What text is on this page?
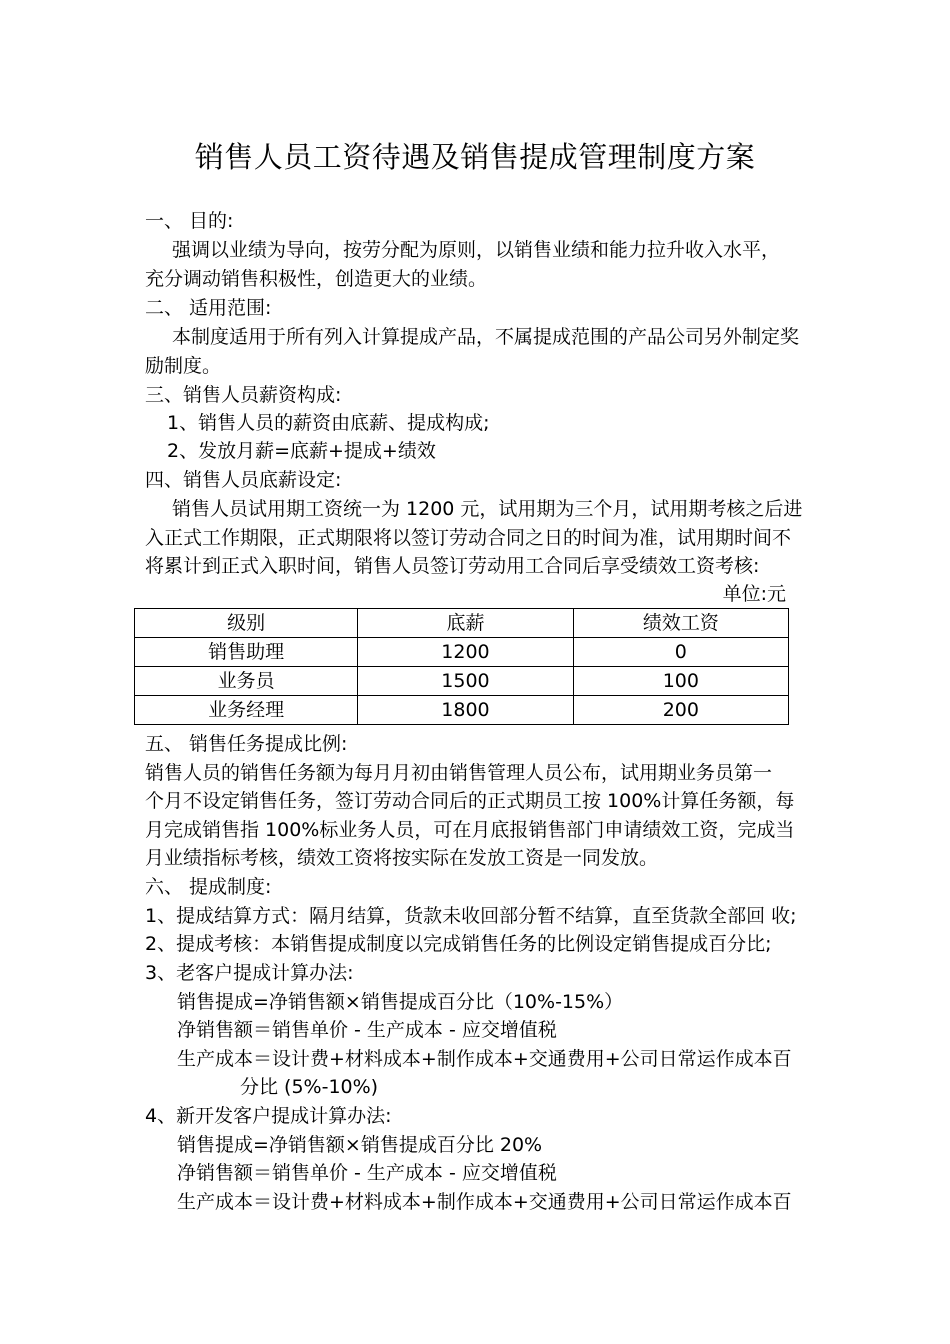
销售人员工资待遇及销售提成管理制度方案
一、 目的:
强调以业绩为导向，按劳分配为原则，以销售业绩和能力拉升收入水平，
充分调动销售积极性，创造更大的业绩。
二、 适用范围:
本制度适用于所有列入计算提成产品，不属提成范围的产品公司另外制定奖
励制度。
三、销售人员薪资构成:
1、销售人员的薪资由底薪、提成构成;
2、发放月薪=底薪+提成+绩效
四、销售人员底薪设定:
销售人员试用期工资统一为 1200 元，试用期为三个月，试用期考核之后进
入正式工作期限，正式期限将以签订劳动合同之日的时间为准，试用期时间不
将累计到正式入职时间，销售人员签订劳动用工合同后享受绩效工资考核:
单位:元
级别	底薪	绩效工资
销售助理	1200	0
业务员	1500	100
业务经理	1800	200
五、 销售任务提成比例:
销售人员的销售任务额为每月月初由销售管理人员公布，试用期业务员第一
个月不设定销售任务，签订劳动合同后的正式期员工按 100%计算任务额，每
月完成销售指 100%标业务人员，可在月底报销售部门申请绩效工资，完成当
月业绩指标考核，绩效工资将按实际在发放工资是一同发放。
六、 提成制度:
1、提成结算方式：隔月结算，货款未收回部分暂不结算，直至货款全部回 收;
2、提成考核：本销售提成制度以完成销售任务的比例设定销售提成百分比;
3、老客户提成计算办法:
销售提成=净销售额×销售提成百分比（10%-15%）
净销售额＝销售单价 - 生产成本 - 应交增值税
生产成本＝设计费+材料成本+制作成本+交通费用+公司日常运作成本百
分比 (5%-10%)
4、新开发客户提成计算办法:
销售提成=净销售额×销售提成百分比 20%
净销售额＝销售单价 - 生产成本 - 应交增值税
生产成本＝设计费+材料成本+制作成本+交通费用+公司日常运作成本百
